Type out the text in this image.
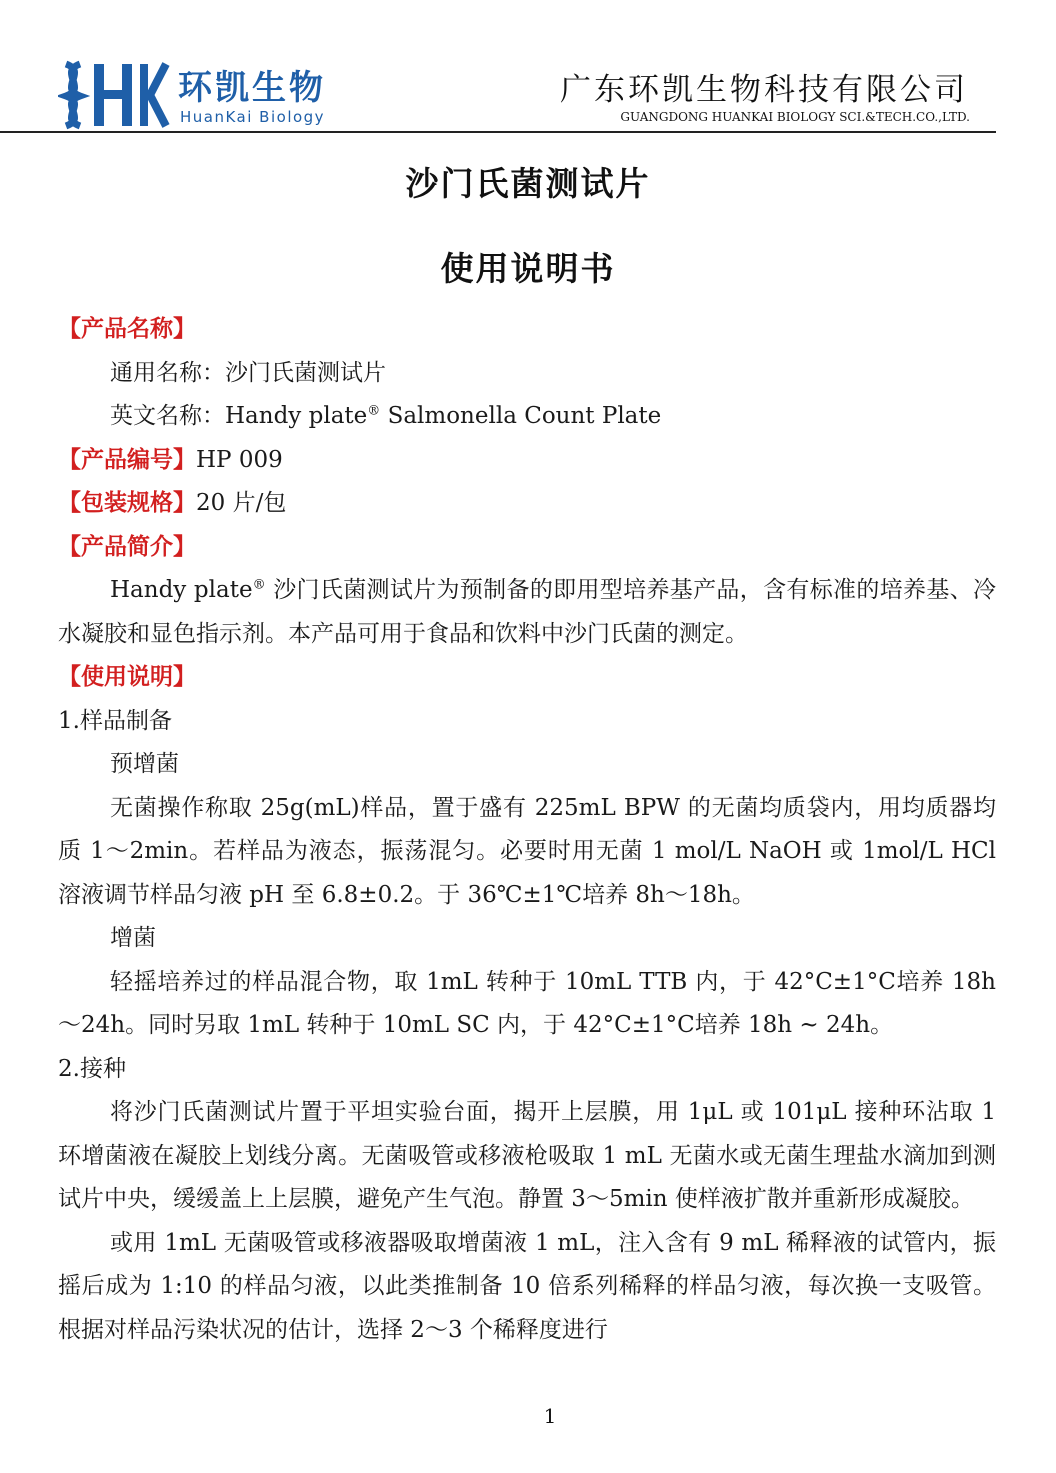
环凯生物
HuanKai Biology
广东环凯生物科技有限公司
GUANGDONG HUANKAI BIOLOGY SCI.&TECH.CO.,LTD.
沙门氏菌测试片
使用说明书

【产品名称】

通用名称：沙门氏菌测试片

英文名称：Handy plate® Salmonella Count Plate

【产品编号】HP 009

【包装规格】20 片/包

【产品简介】

Handy plate® 沙门氏菌测试片为预制备的即用型培养基产品，含有标准的培养基、冷水凝胶和显色指示剂。本产品可用于食品和饮料中沙门氏菌的测定。

【使用说明】

1.样品制备

预增菌

无菌操作称取 25g(mL)样品，置于盛有 225mL BPW 的无菌均质袋内，用均质器均质 1～2min。若样品为液态，振荡混匀。必要时用无菌 1 mol/L NaOH 或 1mol/L HCl 溶液调节样品匀液 pH 至 6.8±0.2。于 36℃±1℃培养 8h～18h。

增菌

轻摇培养过的样品混合物，取 1mL 转种于 10mL TTB 内，于 42°C±1°C培养 18h～24h。同时另取 1mL 转种于 10mL SC 内，于 42°C±1°C培养 18h ~ 24h。

2.接种

将沙门氏菌测试片置于平坦实验台面，揭开上层膜，用 1μL 或 101μL 接种环沾取 1 环增菌液在凝胶上划线分离。无菌吸管或移液枪吸取 1 mL 无菌水或无菌生理盐水滴加到测试片中央，缓缓盖上上层膜，避免产生气泡。静置 3～5min 使样液扩散并重新形成凝胶。

或用 1mL 无菌吸管或移液器吸取增菌液 1 mL，注入含有 9 mL 稀释液的试管内，振摇后成为 1:10 的样品匀液，以此类推制备 10 倍系列稀释的样品匀液，每次换一支吸管。根据对样品污染状况的估计，选择 2～3 个稀释度进行

1
